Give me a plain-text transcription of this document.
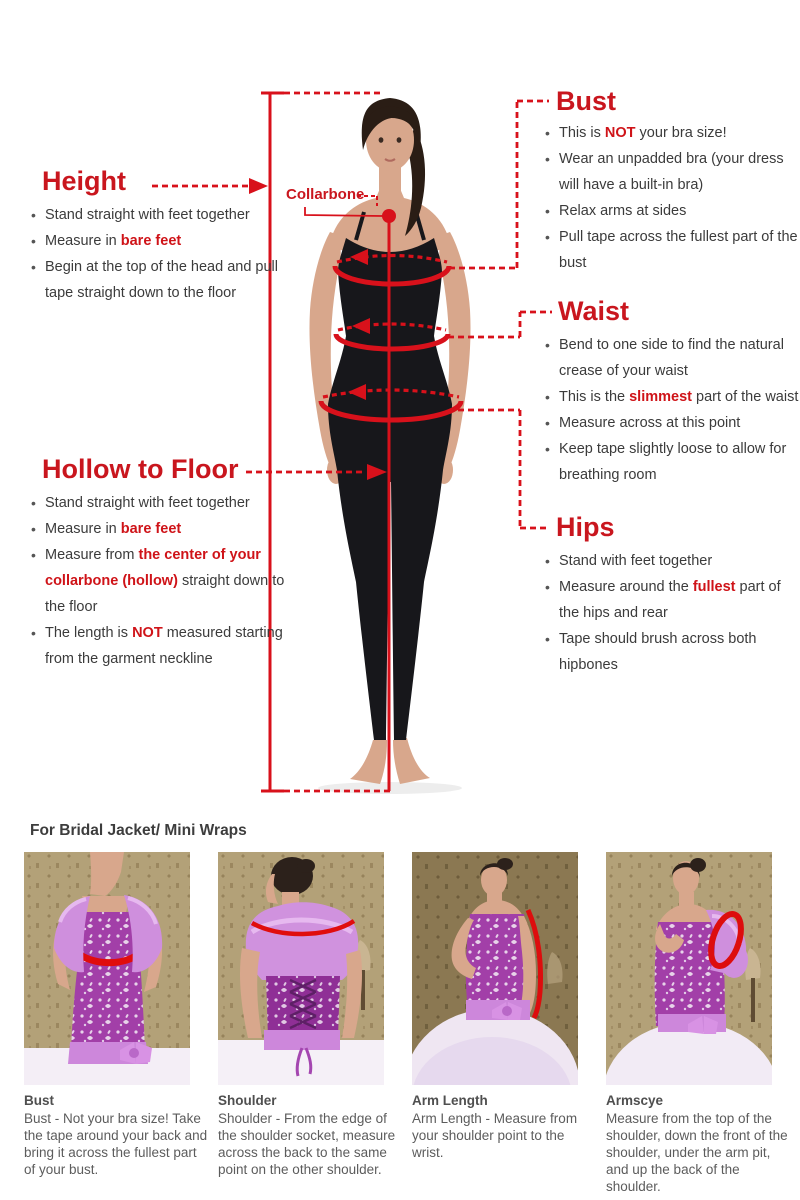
Height
• Stand straight with feet together
• Measure in bare feet
• Begin at the top of the head and pull tape straight down to the floor
Collarbone
Bust
• This is NOT your bra size!
• Wear an unpadded bra (your dress will have a built-in bra)
• Relax arms at sides
• Pull tape across the fullest part of the bust
Waist
• Bend to one side to find the natural crease of your waist
• This is the slimmest part of the waist
• Measure across at this point
• Keep tape slightly loose to allow for breathing room
Hollow to Floor
• Stand straight with feet together
• Measure in bare feet
• Measure from the center of your collarbone (hollow) straight down to the floor
• The length is NOT measured starting from the garment neckline
Hips
• Stand with feet together
• Measure around the fullest part of the hips and rear
• Tape should brush across both hipbones
For Bridal Jacket/ Mini Wraps
Bust
Bust - Not your bra size! Take the tape around your back and bring it across the fullest part of your bust.
Shoulder
Shoulder - From the edge of the shoulder socket, measure across the back to the same point on the other shoulder.
Arm Length
Arm Length - Measure from your shoulder point to the wrist.
Armscye
Measure from the top of the shoulder, down the front of the shoulder, under the arm pit, and up the back of the shoulder.
